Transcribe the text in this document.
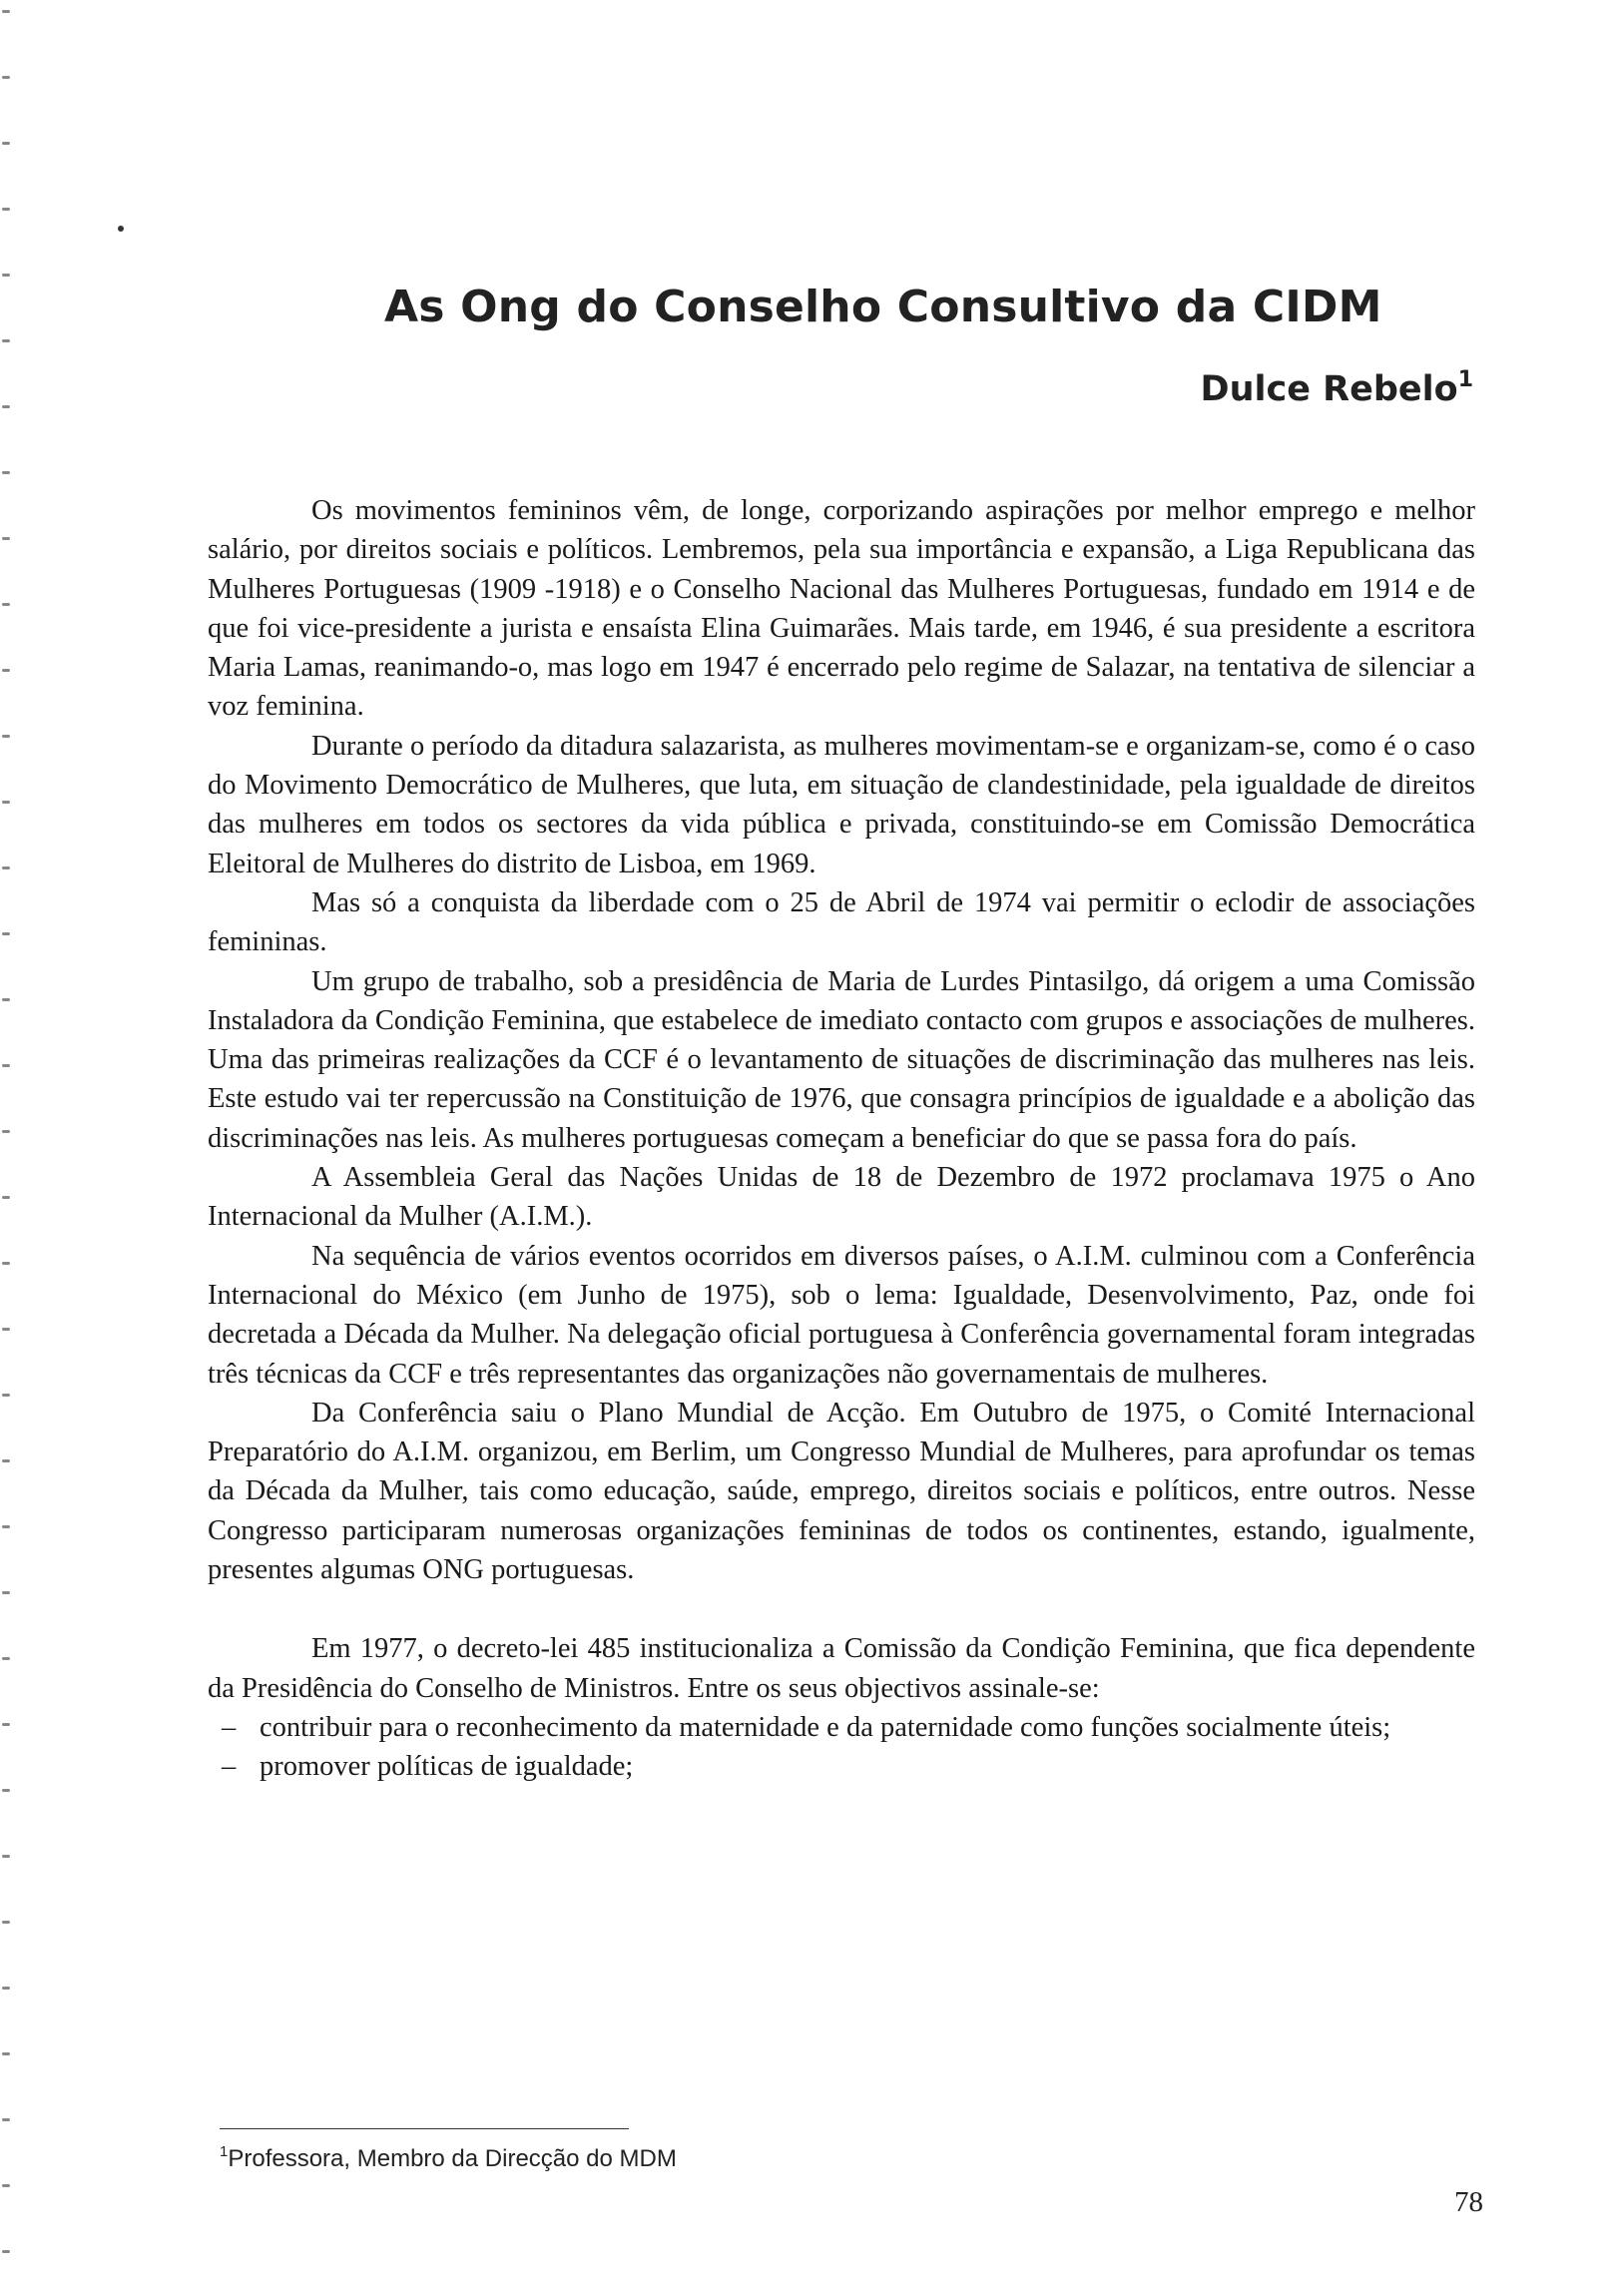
As Ong do Conselho Consultivo da CIDM
Dulce Rebelo$^1$

Os movimentos femininos vêm, de longe, corporizando aspirações por melhor emprego e melhor salário, por direitos sociais e políticos. Lembremos, pela sua importância e expansão, a Liga Republicana das Mulheres Portuguesas (1909 -1918) e o Conselho Nacional das Mulheres Portuguesas, fundado em 1914 e de que foi vice-presidente a jurista e ensaísta Elina Guimarães. Mais tarde, em 1946, é sua presidente a escritora Maria Lamas, reanimando-o, mas logo em 1947 é encerrado pelo regime de Salazar, na tentativa de silenciar a voz feminina.

Durante o período da ditadura salazarista, as mulheres movimentam-se e organizam-se, como é o caso do Movimento Democrático de Mulheres, que luta, em situação de clandestinidade, pela igualdade de direitos das mulheres em todos os sectores da vida pública e privada, constituindo-se em Comissão Democrática Eleitoral de Mulheres do distrito de Lisboa, em 1969.

Mas só a conquista da liberdade com o 25 de Abril de 1974 vai permitir o eclodir de associações femininas.

Um grupo de trabalho, sob a presidência de Maria de Lurdes Pintasilgo, dá origem a uma Comissão Instaladora da Condição Feminina, que estabelece de imediato contacto com grupos e associações de mulheres. Uma das primeiras realizações da CCF é o levantamento de situações de discriminação das mulheres nas leis. Este estudo vai ter repercussão na Constituição de 1976, que consagra princípios de igualdade e a abolição das discriminações nas leis. As mulheres portuguesas começam a beneficiar do que se passa fora do país.

A Assembleia Geral das Nações Unidas de 18 de Dezembro de 1972 proclamava 1975 o Ano Internacional da Mulher (A.I.M.).

Na sequência de vários eventos ocorridos em diversos países, o A.I.M. culminou com a Conferência Internacional do México (em Junho de 1975), sob o lema: Igualdade, Desenvolvimento, Paz, onde foi decretada a Década da Mulher. Na delegação oficial portuguesa à Conferência governamental foram integradas três técnicas da CCF e três representantes das organizações não governamentais de mulheres.

Da Conferência saiu o Plano Mundial de Acção. Em Outubro de 1975, o Comité Internacional Preparatório do A.I.M. organizou, em Berlim, um Congresso Mundial de Mulheres, para aprofundar os temas da Década da Mulher, tais como educação, saúde, emprego, direitos sociais e políticos, entre outros. Nesse Congresso participaram numerosas organizações femininas de todos os continentes, estando, igualmente, presentes algumas ONG portuguesas.

Em 1977, o decreto-lei 485 institucionaliza a Comissão da Condição Feminina, que fica dependente da Presidência do Conselho de Ministros. Entre os seus objectivos assinale-se:

– contribuir para o reconhecimento da maternidade e da paternidade como funções socialmente úteis;
– promover políticas de igualdade;
$^1$Professora, Membro da Direcção do MDM
78
